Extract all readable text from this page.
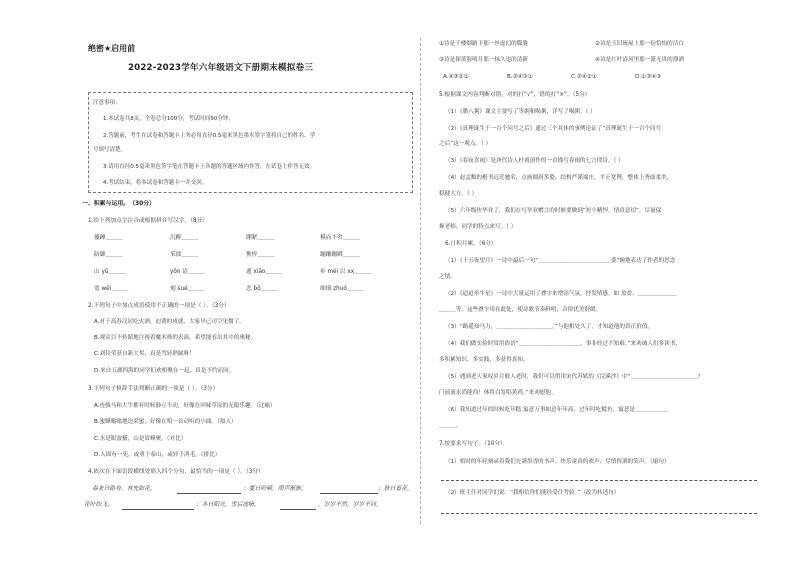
绝密★启用前
2022-2023学年六年级语文下册期末模拟卷三
注意事项：
1.本试卷共8页。全卷总分100分，考试时间90分钟。
2.答题前，考生在试卷和答题卡上务必用直径0.5毫米黑色墨水签字笔将自己的姓名、学
号填写清楚。
3.请用直径0.5毫米黑色签字笔在答题卡上各题的答题区域内作答，在试卷上作答无效。
4.考试结束，将本试卷和答题卡一并交回。
一、积累与运用。（30分）
1.给下列加点字注音或根据拼音写汉字。（8分）
傻蹿＿＿＿	沉醉＿＿＿	绷紧＿＿＿	模而不舍＿＿＿
防御＿＿＿	笨拙＿＿＿	憔悴＿＿＿	蹦跚跚踯＿＿＿
山 yǔ＿＿＿	yǒn 请＿＿＿	遁 xiāo＿＿＿	步 méi 以 xx＿＿＿
宽 wěi＿＿＿	刻 sué＿＿＿	恋 bō＿＿＿	细细 zhuó＿＿＿
2.下列句子中加点成语使用不正确的一项是（ ）。（3分）
A.对于高春汉居吃火酒，迫诱的成就，大家早已司空见惯了。
B.观众目不转睛地注视着魔术师的表演，希望能看出其中的奥秘。
C.刘伶荣获自新大奖，真是驾轻熟腻呀！
D.来自五湖四海的同学们欢相聚在一起，真是不约而同。
3.下列句子修辞手法判断正确的一项是（ ）。（3分）
A.连骏马和大牛都有时候静立不动，好像在回味草原的无限乐趣。（比喻）
B.蜜蜂嗡嗡地边采蜜，好像在唱一首动听的小曲。（拟人）
C.水是眼波横，山是眉峰聚。（对比）
D.人固有一死，或重于泰山，或轻于鸿毛。（排比）
4.依次在下面语段横线处填入四个分句，最恰当的一项是（ ）。（3分）
春来日路有，有充如花，	：夏日吩嗬，雨声渐渐，	；秋日看花，
花叶纷飞，	；冬日阳光，雪后放晴，	。岁岁不然，岁岁不同。
①诗是千楼烟路下那一丝虚幻的朦胧	②诗是玉旧琉屋上那一份恰怡的洁白
③诗是探黄海明月那一抹久违的清新	④诗是红叶清风里那一派无畏的漂洒
A.④③②①	B.③④③①	C.③④②①	D.①③④③
5.根据课文内容判断对错，对的打“√”，错的打“×”。（5分）
（1）《腊八粥》课文主要写了等粥和喝粥，详写了喝粥。（ ）
（2）《真理诞生于一百个问号之后》通过三个具体的事例论证了“真理诞生于一百个问号
之后”这一观点。（ ）
（3）《春夜喜雨》是唐代诗人杜甫创作的一首描写春雨的七言律诗。（ ）
（4）赵孟頫的楷书远近驰名，点画圆润多姿，结构严谨端庄，平正宽博，整体上秀面柔美，
稳健大方。（ ）
（5）六年级快毕业了，我们在写毕业赠言的时候要做到“短小精悍，情真意切”，尽量保
握老师、同学的特点来写。（ ）
6.日积月累。（6分）
（1）《十五夜望月》一诗中最后一句“＿＿＿＿＿＿＿＿＿＿＿＿＿委”婉地表达了作者的思念
之情。
（2）《迢迢牵牛星》一诗中大量运用了叠字来增添气氛，抒发情感，如 盈盈、＿＿＿＿＿＿＿
＿＿＿等。这些叠字用在此处，使诗歌节奏鲜明，音律优美舒缓。
（3）“路遥知马力，＿＿＿＿＿＿＿＿＿＿。”与他相处久了，才知道他的真正价值。
（4）我们做实验时常用俗语“＿＿＿＿＿＿＿＿＿＿＿，事非经过不知难。”来劝诫人们多读书，
多积累知识，多实践，多获得真知。
（5）遇到老人家叹岁月催人老时，我们可以借用宋代苏轼的《浣溪沙》中“＿＿＿＿＿＿＿＿＿＿＿＿？
门前流水尚能西！休将白发唱黄鸡。”来劝慰他。
（6）我知道过年的时候吃年糕 寓意万事如意年年高，过年时吃鲶鱼，寓意是＿＿＿＿＿＿
＿＿＿。
7.按要求写句子。（10分）
（1）梧时的年轮刻录着我们充满墨香的书声、快乐童真的欢声、尽情挥洒的笑声。（缩句）
（2）班主任对同学们说：“我相信你们能经受住考验。”（改为转述句）
